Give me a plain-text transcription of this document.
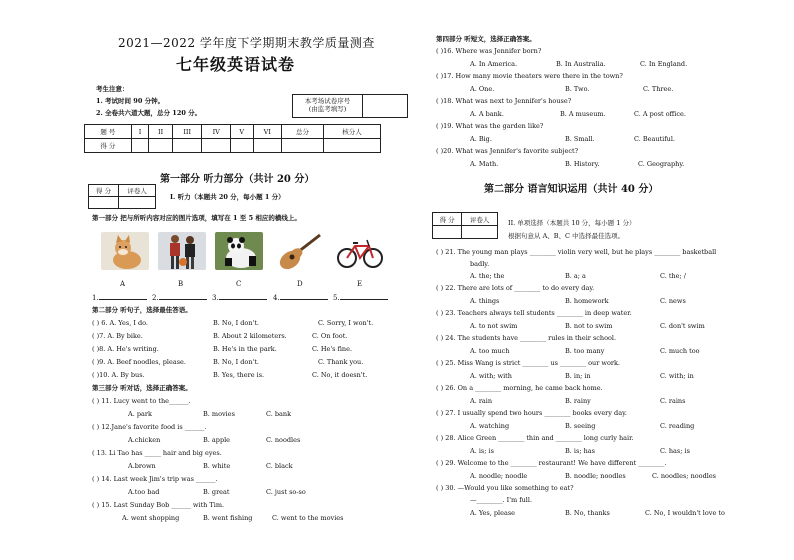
2021—2022 学年度下学期期末教学质量测查
七年级英语试卷
考生注意：
1. 考试时间 90 分钟。
2. 全卷共六道大题，总分 120 分。
本考场试卷序号
(由监考填写)
题 号	I	II	III	IV	V	VI	总分	核分人
得 分								
第一部分 听力部分（共计 20 分）
得 分	评卷人

I. 听力（本题共 20 分，每小题 1 分）
第一部分 把与所听内容对应的图片选项，填写在 1 至 5 相应的横线上。
A	B	C	D	E
1.	2.	3.	4.	5.
第二部分 听句子，选择最佳答语。
( ) 6. A. Yes, I do.	B. No, I don't.	C. Sorry, I won't.
( )7. A. By bike.	B. About 2 kilometers.	C. On foot.
( )8. A. He's writing.	B. He's in the park.	C. He's fine.
( )9. A. Beef noodles, please.	B. No, I don't.	C. Thank you.
( )10. A. By bus.	B. Yes, there is.	C. No, it doesn't.
第三部分 听对话，选择正确答案。
( ) 11. Lucy went to the______.
A. park	B. movies	C. bank
( ) 12.Jane's favorite food is ______.
A.chicken	B. apple	C. noodles
( 13. Li Tao has _____ hair and big eyes.
A.brown	B. white	C. black
( ) 14. Last week Jim's trip was ______.
A.too bad	B. great	C. just so-so
( ) 15. Last Sunday Bob ______ with Tim.
A. went shopping	B. went fishing	C. went to the movies
第四部分 听短文，选择正确答案。
( )16. Where was Jennifer born?
A. In America.	B. In Australia.	C. In England.
( )17. How many movie theaters were there in the town?
A. One.	B. Two.	C. Three.
( )18. What was next to Jennifer's house?
A. A bank.	B. A museum.	C. A post office.
( )19. What was the garden like?
A. Big.	B. Small.	C. Beautiful.
( )20. What was Jennifer's favorite subject?
A. Math.	B. History.	C. Geography.
第二部分 语言知识运用（共计 40 分）
得 分	评卷人
		II. 单项选择（本题共 10 分，每小题 1 分）
根据句意从 A、B、C 中选择最佳选项。
( ) 21. The young man plays ________ violin very well, but he plays ________ basketball
badly.
A. the; the	B. a; a	C. the; /
( ) 22. There are lots of ________ to do every day.
A. things	B. homework	C. news
( ) 23. Teachers always tell students ________ in deep water.
A. to not swim	B. not to swim	C. don't swim
( ) 24. The students have ________ rules in their school.
A. too much	B. too many	C. much too
( ) 25. Miss Wang is strict ________ us ________ our work.
A. with; with	B. in; in	C. with; in
( ) 26. On a ________ morning, he came back home.
A. rain	B. rainy	C. rains
( ) 27. I usually spend two hours ________ books every day.
A. watching	B. seeing	C. reading
( ) 28. Alice Green ________ thin and ________ long curly hair.
A. is; is	B. is; has	C. has; is
( ) 29. Welcome to the ________ restaurant! We have different ________.
A. noodle; noodle	B. noodle; noodles	C. noodles; noodles
( ) 30. —Would you like something to eat?
—________. I'm full.
A. Yes, please	B. No, thanks	C. No, I wouldn't love to
